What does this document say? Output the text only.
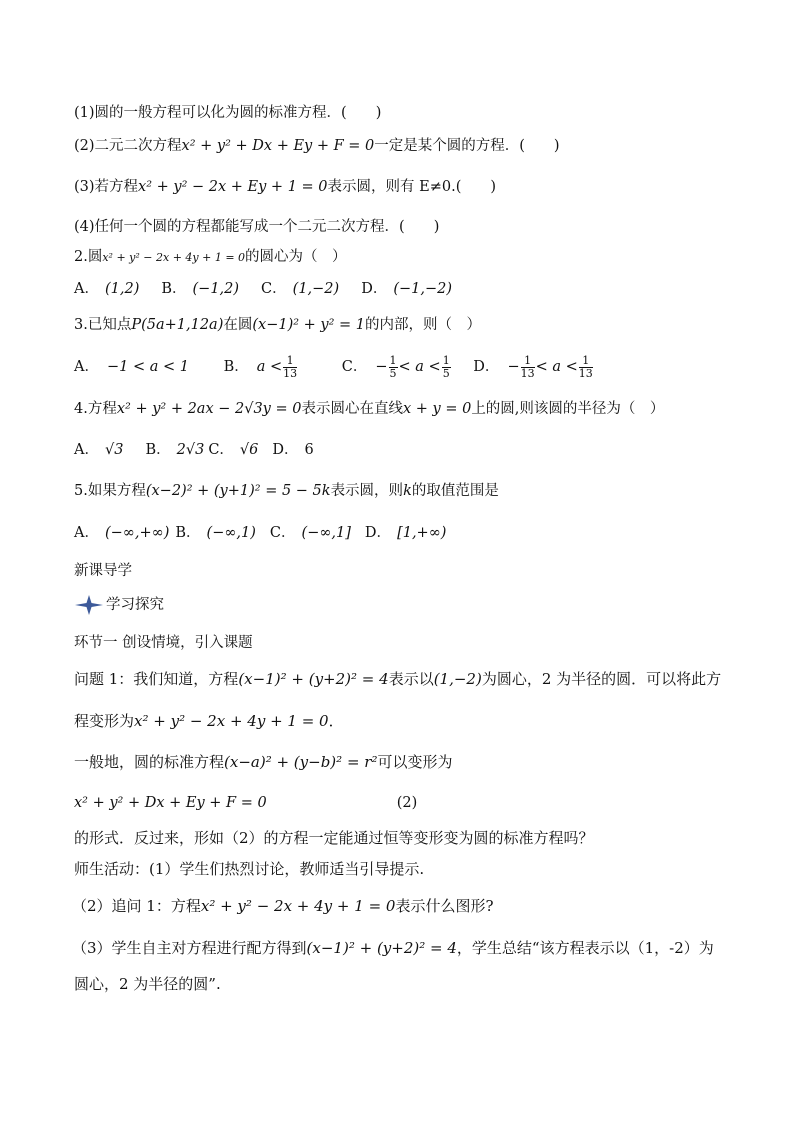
(1)圆的一般方程可以化为圆的标准方程．(　　)
(2)二元二次方程x² + y² + Dx + Ey + F = 0一定是某个圆的方程．(　　)
(3)若方程x² + y² − 2x + Ey + 1 = 0表示圆，则有 E≠0.(　　)
(4)任何一个圆的方程都能写成一个二元二次方程．(　　)
2.圆x² + y² − 2x + 4y + 1 = 0的圆心为（　）
A． (1,2) B． (−1,2) C． (1,−2) D． (−1,−2)
3.已知点P(5a+1,12a)在圆(x−1)² + y² = 1的内部，则（　）
A． −1 < a < 1 B． $a < \frac{1}{13}$	C． − $\frac{1}{5} < a < \frac{1}{5}$ D． − $\frac{1}{13} < a < \frac{1}{13}$
4.方程x² + y² + 2ax − 2√3y = 0表示圆心在直线x + y = 0上的圆,则该圆的半径为（　）
A． √3 B． 2√3 C． √6 D． 6
5.如果方程(x−2)² + (y+1)² = 5 − 5k表示圆，则k的取值范围是
A． (−∞,+∞) B． (−∞,1) C． (−∞,1] D． [1,+∞)
新课导学
学习探究
环节一 创设情境，引入课题
问题 1：我们知道，方程(x−1)² + (y+2)² = 4表示以(1,−2)为圆心，2 为半径的圆．可以将此方
程变形为x² + y² − 2x + 4y + 1 = 0．
一般地，圆的标准方程(x−a)² + (y−b)² = r²可以变形为
x² + y² + Dx + Ey + F = 0	(2)
的形式．反过来，形如（2）的方程一定能通过恒等变形变为圆的标准方程吗？
师生活动：(1）学生们热烈讨论，教师适当引导提示.
（2）追问 1：方程x² + y² − 2x + 4y + 1 = 0表示什么图形?
（3）学生自主对方程进行配方得到(x−1)² + (y+2)² = 4，学生总结“该方程表示以（1，-2）为
圆心，2 为半径的圆”.
